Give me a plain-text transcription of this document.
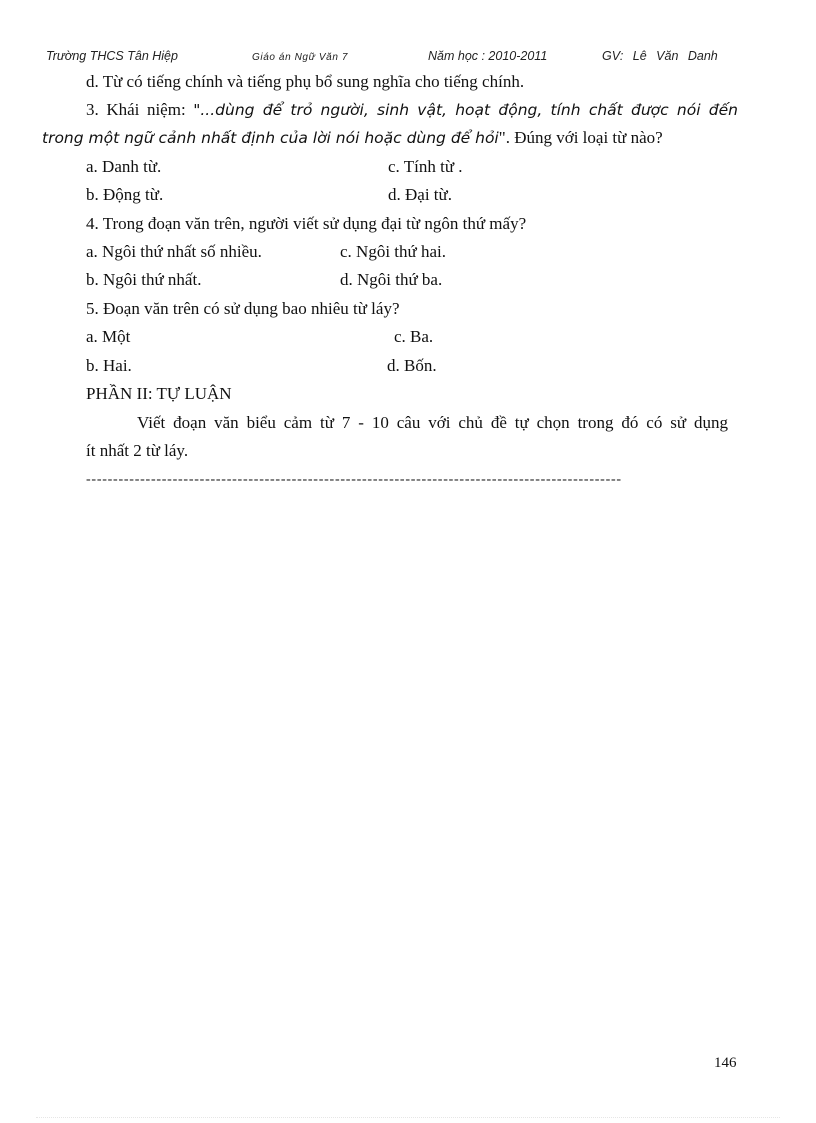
Trường THCS Tân Hiệp	Giáo án Ngữ Văn 7	Năm học : 2010-2011	GV: Lê Văn Danh
d. Từ có tiếng chính và tiếng phụ bổ sung nghĩa cho tiếng chính.
3. Khái niệm: "...dùng để trỏ người, sinh vật, hoạt động, tính chất được nói đến
trong một ngữ cảnh nhất định của lời nói hoặc dùng để hỏi". Đúng với loại từ nào?
a. Danh từ.	c. Tính từ .
b. Động từ.	d. Đại từ.
4. Trong đoạn văn trên, người viết sử dụng đại từ ngôn thứ mấy?
a. Ngôi thứ nhất số nhiều.	c. Ngôi thứ hai.
b. Ngôi thứ nhất.	d. Ngôi thứ ba.
5. Đoạn văn trên có sử dụng bao nhiêu từ láy?
a. Một	c. Ba.
b. Hai.	d. Bốn.
PHẦN II: TỰ LUẬN
Viết đoạn văn biểu cảm từ 7 - 10 câu với chủ đề tự chọn trong đó có sử dụng
ít nhất 2 từ láy.
---------------------------------------------------------------------------------------------------
146
